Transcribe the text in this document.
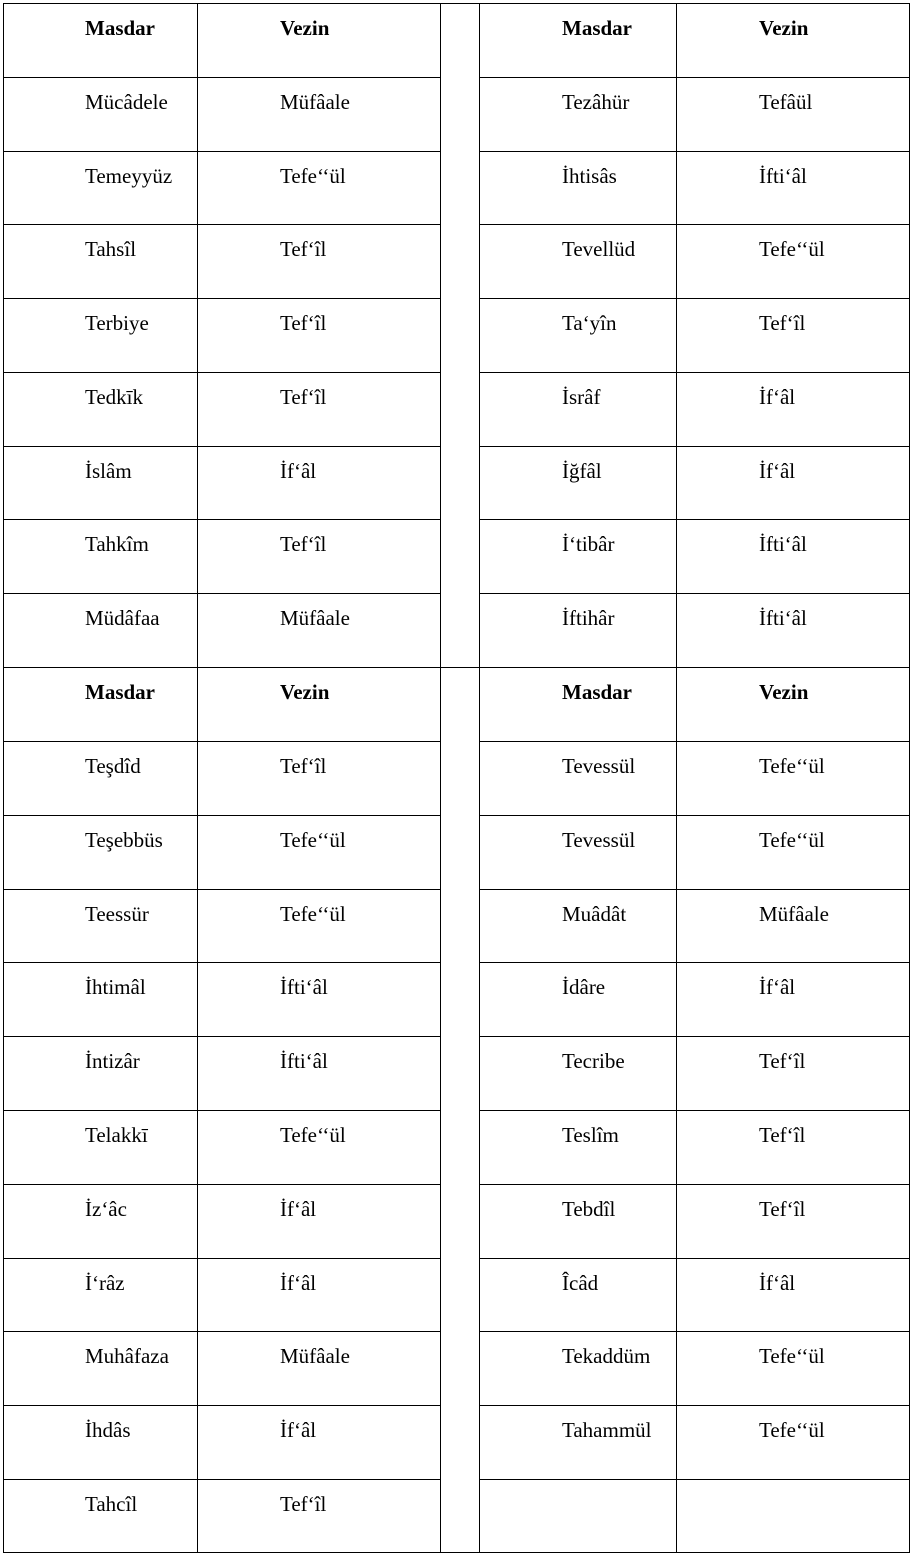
Masdar	Vezin	Masdar	Vezin
Mücâdele	Müfâale	Tezâhür	Tefâül
Temeyyüz	Tefe‘‘ül	İhtisâs	İfti‘âl
Tahsîl	Tef‘îl	Tevellüd	Tefe‘‘ül
Terbiye	Tef‘îl	Ta‘yîn	Tef‘îl
Tedkīk	Tef‘îl	İsrâf	İf‘âl
İslâm	İf‘âl	İğfâl	İf‘âl
Tahkîm	Tef‘îl	İ‘tibâr	İfti‘âl
Müdâfaa	Müfâale	İftihâr	İfti‘âl
Masdar	Vezin	Masdar	Vezin
Teşdîd	Tef‘îl	Tevessül	Tefe‘‘ül
Teşebbüs	Tefe‘‘ül	Tevessül	Tefe‘‘ül
Teessür	Tefe‘‘ül	Muâdât	Müfâale
İhtimâl	İfti‘âl	İdâre	İf‘âl
İntizâr	İfti‘âl	Tecribe	Tef‘îl
Telakkī	Tefe‘‘ül	Teslîm	Tef‘îl
İz‘âc	İf‘âl	Tebdîl	Tef‘îl
İ‘râz	İf‘âl	Îcâd	İf‘âl
Muhâfaza	Müfâale	Tekaddüm	Tefe‘‘ül
İhdâs	İf‘âl	Tahammül	Tefe‘‘ül
Tahcîl	Tef‘îl
